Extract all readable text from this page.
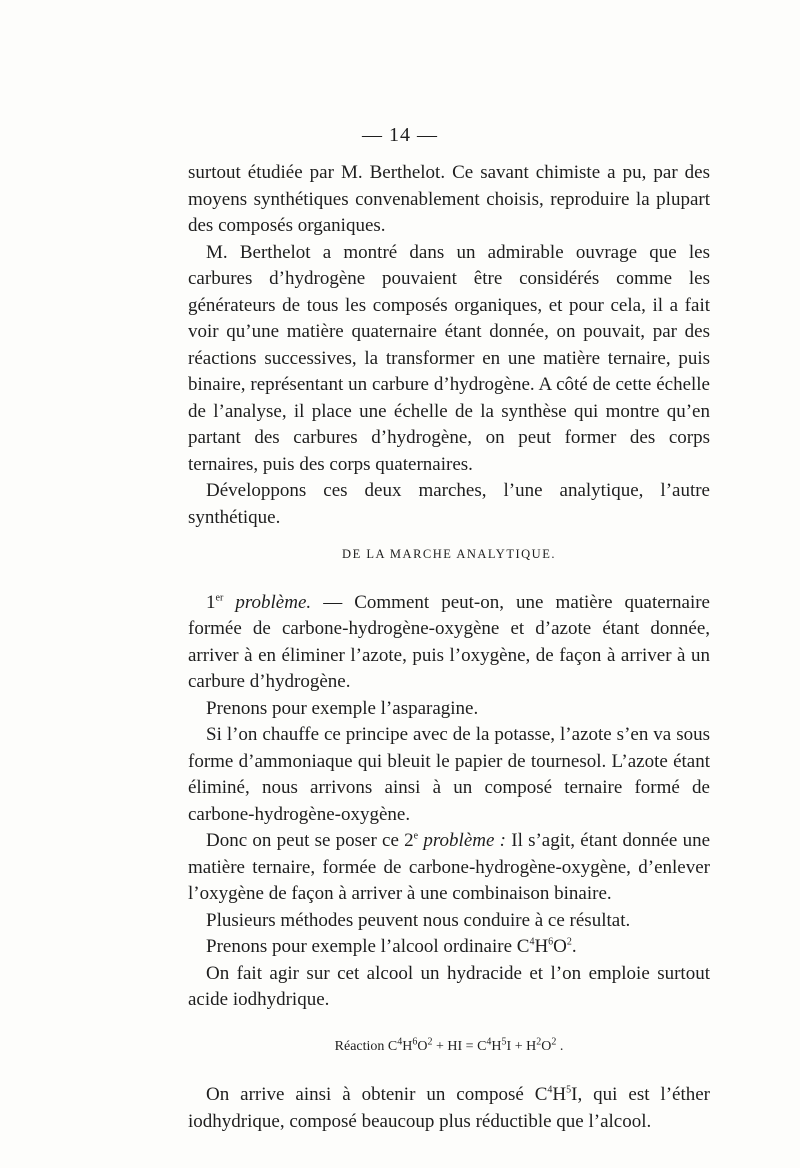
— 14 —

surtout étudiée par M. Berthelot. Ce savant chimiste a pu, par des moyens synthétiques convenablement choisis, reproduire la plupart des composés organiques.

M. Berthelot a montré dans un admirable ouvrage que les carbures d’hydrogène pouvaient être considérés comme les générateurs de tous les composés organiques, et pour cela, il a fait voir qu’une matière quaternaire étant donnée, on pouvait, par des réactions successives, la transformer en une matière ternaire, puis binaire, représentant un carbure d’hydrogène. A côté de cette échelle de l’analyse, il place une échelle de la synthèse qui montre qu’en partant des carbures d’hydrogène, on peut former des corps ternaires, puis des corps quaternaires.

Développons ces deux marches, l’une analytique, l’autre synthétique.

DE LA MARCHE ANALYTIQUE.

1er problème. — Comment peut-on, une matière quaternaire formée de carbone-hydrogène-oxygène et d’azote étant donnée, arriver à en éliminer l’azote, puis l’oxygène, de façon à arriver à un carbure d’hydrogène.

Prenons pour exemple l’asparagine.

Si l’on chauffe ce principe avec de la potasse, l’azote s’en va sous forme d’ammoniaque qui bleuit le papier de tournesol. L’azote étant éliminé, nous arrivons ainsi à un composé ternaire formé de carbone-hydrogène-oxygène.

Donc on peut se poser ce 2e problème : Il s’agit, étant donnée une matière ternaire, formée de carbone-hydrogène-oxygène, d’enlever l’oxygène de façon à arriver à une combinaison binaire.

Plusieurs méthodes peuvent nous conduire à ce résultat.

Prenons pour exemple l’alcool ordinaire $C^4H^6O^2$.

On fait agir sur cet alcool un hydracide et l’on emploie surtout acide iodhydrique.

Réaction $C^4H^6O^2$ + HI = $C^4H^5I + H^2O^2$ .

On arrive ainsi à obtenir un composé $C^4H^5I$, qui est l’éther iodhydrique, composé beaucoup plus réductible que l’alcool.
